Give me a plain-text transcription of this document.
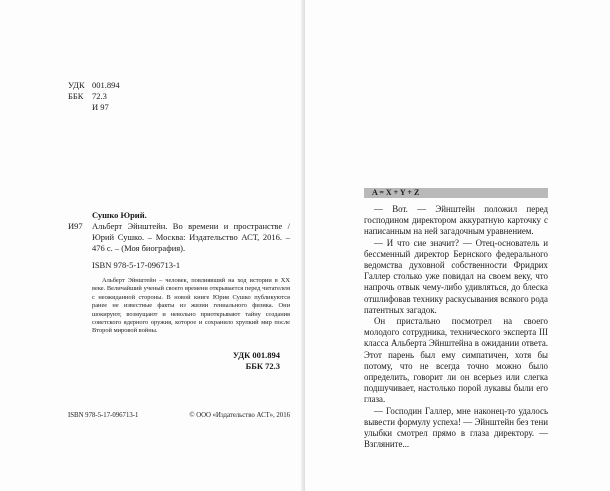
УДК 001.894
ББК	72.3
И 97
Сушко Юрий.
И97	Альберт Эйнштейн. Во времени и пространстве / Юрий Сушко. – Москва: Издательство АСТ, 2016. – 476 с. – (Моя биография).
ISBN 978-5-17-096713-1
Альберт Эйнштейн – человек, повлиявший на ход истории в XX веке. Величайший ученый своего времени открывается перед читателем с неожиданной стороны. В новой книге Юрия Сушко публикуются ранее не известные факты из жизни гениального физика. Они шокируют, возмущают и невольно приоткрывают тайну создания советского ядерного оружия, которое и сохранило хрупкий мир после Второй мировой войны.
УДК 001.894
ББК 72.3
ISBN 978-5-17-096713-1	© ООО «Издательство АСТ», 2016
A = X + Y + Z

— Вот. — Эйнштейн положил перед господином директором аккуратную карточку с написанным на ней загадочным уравнением.

— И что сие значит? — Отец-основатель и бессменный директор Бернского федерального ведомства духовной собственности Фридрих Галлер столько уже повидал на своем веку, что напрочь отвык чему-либо удивляться, до блеска отшлифовав технику раскусывания всякого рода патентных загадок.

Он пристально посмотрел на своего молодого сотрудника, технического эксперта III класса Альберта Эйнштейна в ожидании ответа. Этот парень был ему симпатичен, хотя бы потому, что не всегда точно можно было определить, говорит ли он всерьез или слегка подшучивает, настолько порой лукавы были его глаза.

— Господин Галлер, мне наконец-то удалось вывести формулу успеха! — Эйнштейн без тени улыбки смотрел прямо в глаза директору. — Взгляните...
